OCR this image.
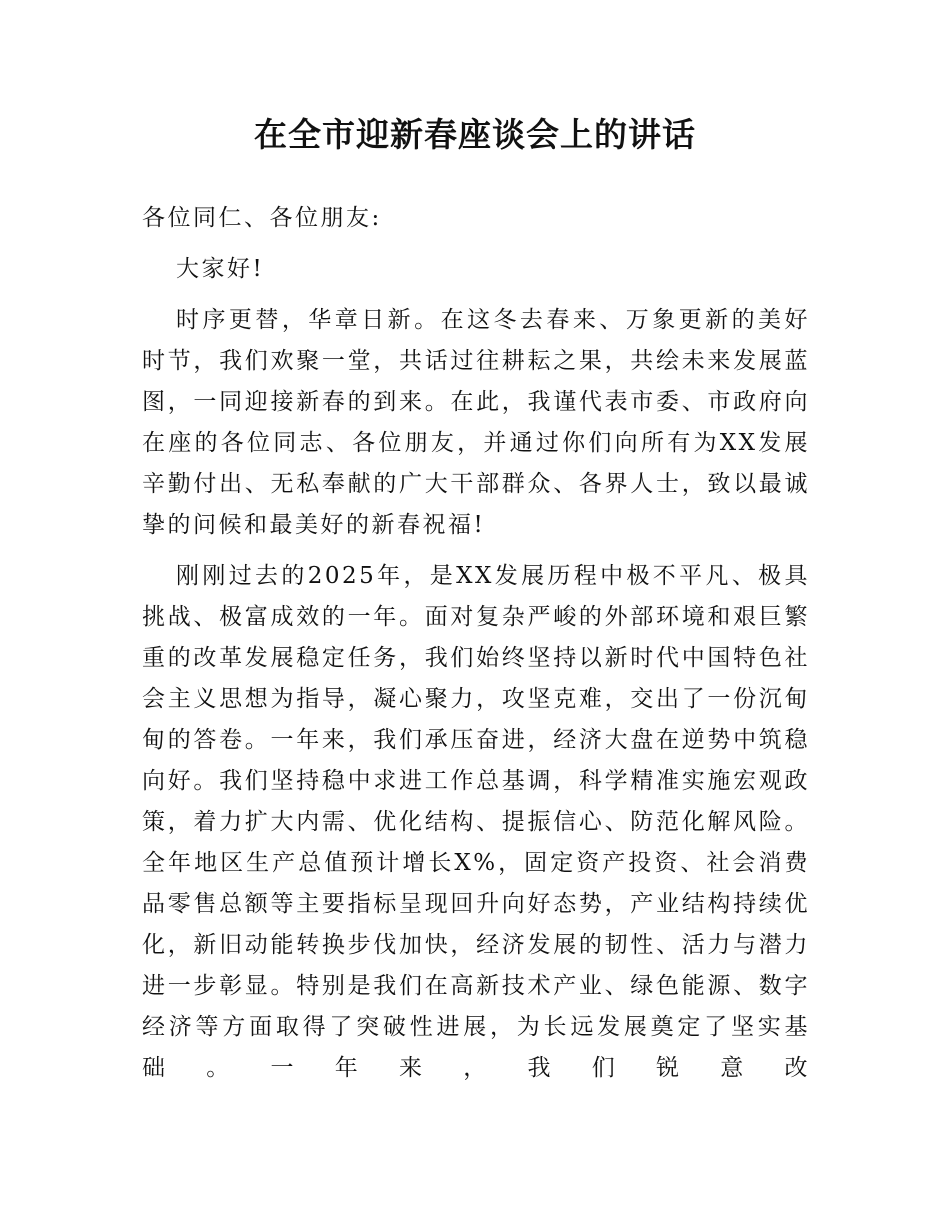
在全市迎新春座谈会上的讲话

各位同仁、各位朋友:

大家好!

时序更替，华章日新。在这冬去春来、万象更新的美好时节，我们欢聚一堂，共话过往耕耘之果，共绘未来发展蓝图，一同迎接新春的到来。在此，我谨代表市委、市政府向在座的各位同志、各位朋友，并通过你们向所有为XX发展辛勤付出、无私奉献的广大干部群众、各界人士，致以最诚挚的问候和最美好的新春祝福!

刚刚过去的2025年，是XX发展历程中极不平凡、极具挑战、极富成效的一年。面对复杂严峻的外部环境和艰巨繁重的改革发展稳定任务，我们始终坚持以新时代中国特色社会主义思想为指导，凝心聚力，攻坚克难，交出了一份沉甸甸的答卷。一年来，我们承压奋进，经济大盘在逆势中筑稳向好。我们坚持稳中求进工作总基调，科学精准实施宏观政策，着力扩大内需、优化结构、提振信心、防范化解风险。全年地区生产总值预计增长X%，固定资产投资、社会消费品零售总额等主要指标呈现回升向好态势，产业结构持续优化，新旧动能转换步伐加快，经济发展的韧性、活力与潜力进一步彰显。特别是我们在高新技术产业、绿色能源、数字经济等方面取得了突破性进展，为长远发展奠定了坚实基础。一年来，我们锐意改
